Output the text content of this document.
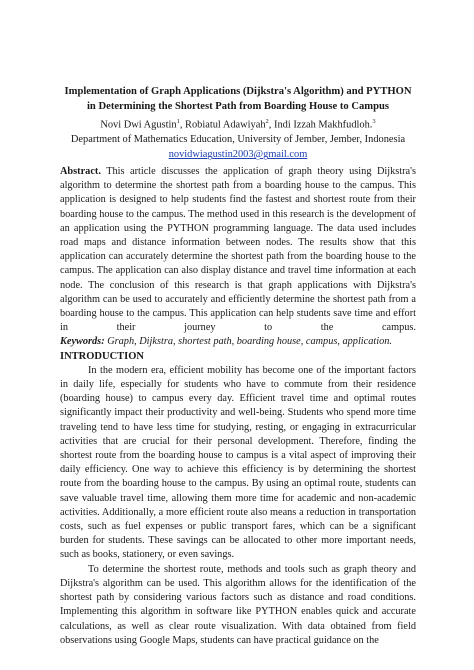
Implementation of Graph Applications (Dijkstra's Algorithm) and PYTHON
in Determining the Shortest Path from Boarding House to Campus

Novi Dwi Agustin$^1$, Robiatul Adawiyah$^2$, Indi Izzah Makhfudloh.$^3$

Department of Mathematics Education, University of Jember, Jember, Indonesia

novidwiagustin2003@gmail.com

Abstract. This article discusses the application of graph theory using Dijkstra's algorithm to determine the shortest path from a boarding house to the campus. This application is designed to help students find the fastest and shortest route from their boarding house to the campus. The method used in this research is the development of an application using the PYTHON programming language. The data used includes road maps and distance information between nodes. The results show that this application can accurately determine the shortest path from the boarding house to the campus. The application can also display distance and travel time information at each node. The conclusion of this research is that graph applications with Dijkstra's algorithm can be used to accurately and efficiently determine the shortest path from a boarding house to the campus. This application can help students save time and effort in their journey to the campus.

Keywords: Graph, Dijkstra, shortest path, boarding house, campus, application.

INTRODUCTION

In the modern era, efficient mobility has become one of the important factors in daily life, especially for students who have to commute from their residence (boarding house) to campus every day. Efficient travel time and optimal routes significantly impact their productivity and well-being. Students who spend more time traveling tend to have less time for studying, resting, or engaging in extracurricular activities that are crucial for their personal development. Therefore, finding the shortest route from the boarding house to campus is a vital aspect of improving their daily efficiency. One way to achieve this efficiency is by determining the shortest route from the boarding house to the campus. By using an optimal route, students can save valuable travel time, allowing them more time for academic and non-academic activities. Additionally, a more efficient route also means a reduction in transportation costs, such as fuel expenses or public transport fares, which can be a significant burden for students. These savings can be allocated to other more important needs, such as books, stationery, or even savings.

To determine the shortest route, methods and tools such as graph theory and Dijkstra's algorithm can be used. This algorithm allows for the identification of the shortest path by considering various factors such as distance and road conditions. Implementing this algorithm in software like PYTHON enables quick and accurate calculations, as well as clear route visualization. With data obtained from field observations using Google Maps, students can have practical guidance on the
